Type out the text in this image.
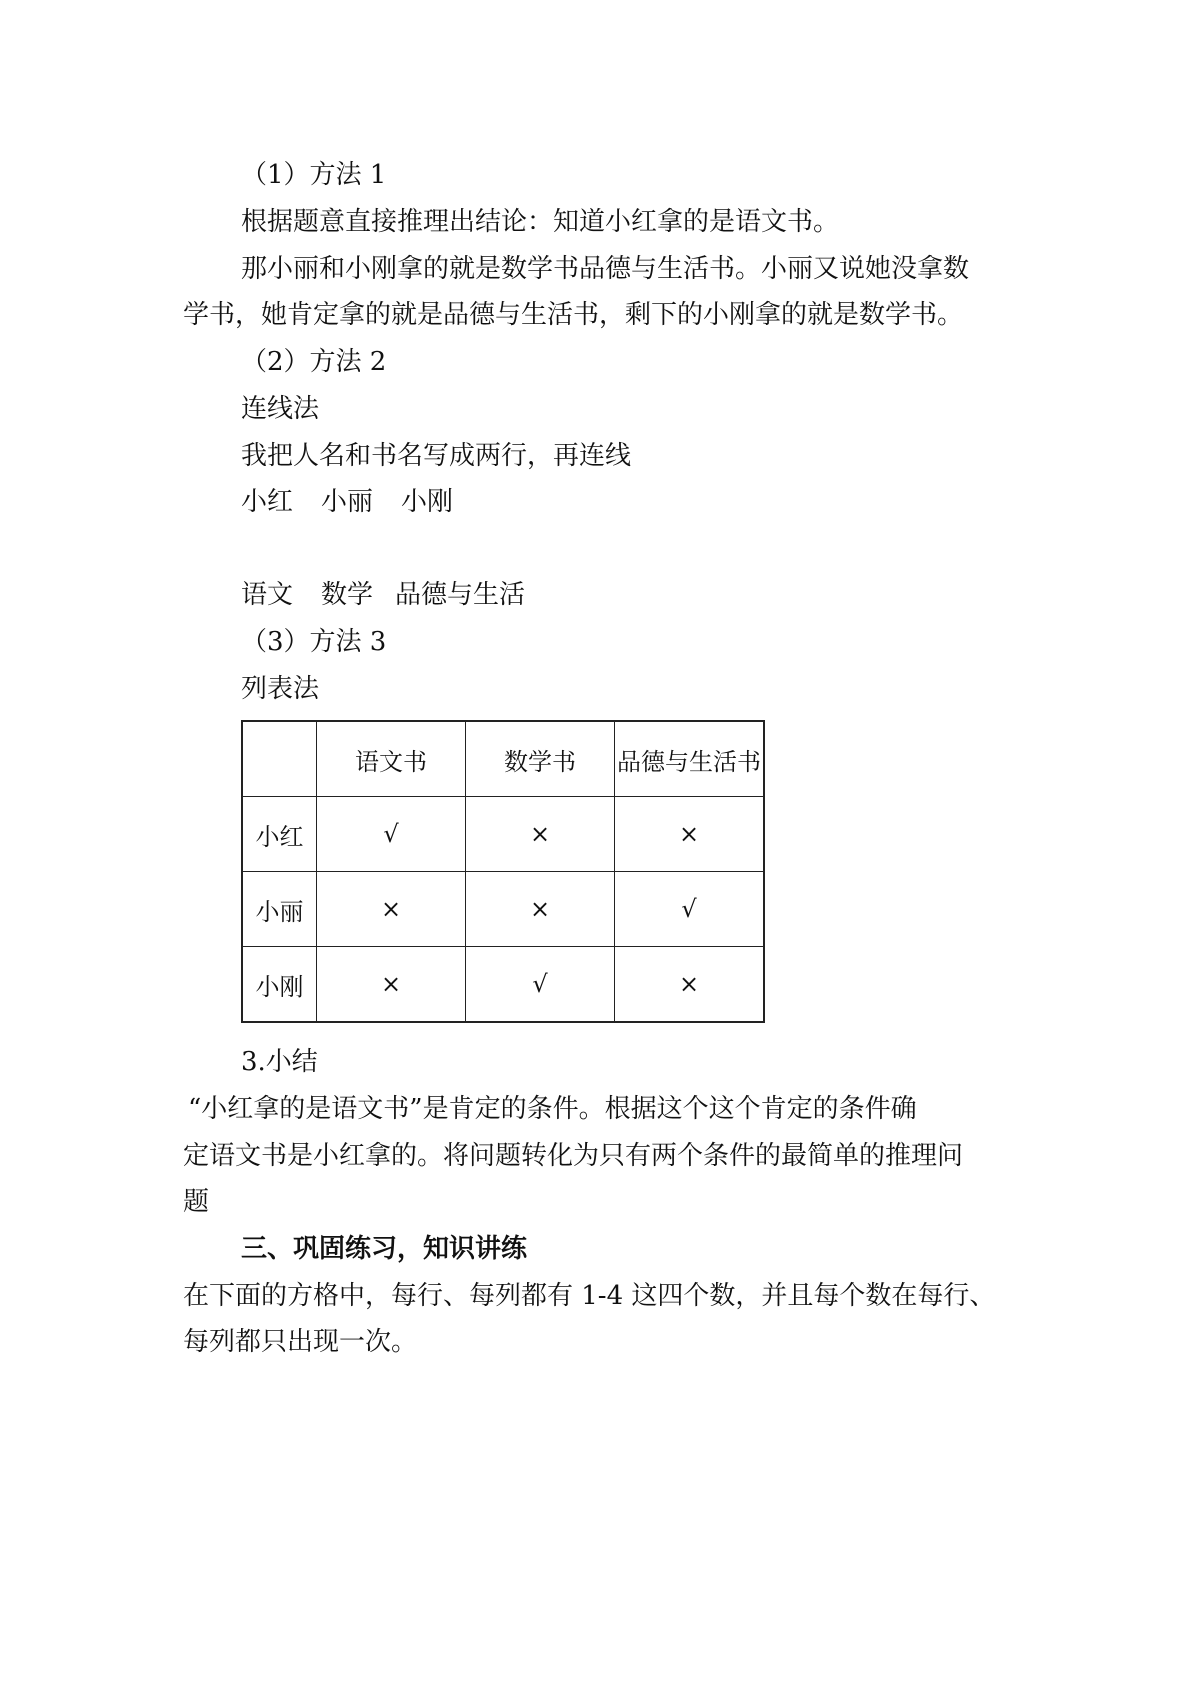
（1）方法 1
根据题意直接推理出结论：知道小红拿的是语文书。
那小丽和小刚拿的就是数学书品德与生活书。小丽又说她没拿数
学书，她肯定拿的就是品德与生活书，剩下的小刚拿的就是数学书。
（2）方法 2
连线法
我把人名和书名写成两行，再连线
小红 小丽 小刚
语文 数学 品德与生活
（3）方法 3
列表法
	语文书	数学书	品德与生活书
小红	√	×	×
小丽	×	×	√
小刚	×	√	×
3.小结
“小红拿的是语文书”是肯定的条件。根据这个这个肯定的条件确
定语文书是小红拿的。将问题转化为只有两个条件的最简单的推理问
题
三、巩固练习，知识讲练
在下面的方格中，每行、每列都有 1-4 这四个数，并且每个数在每行、
每列都只出现一次。
